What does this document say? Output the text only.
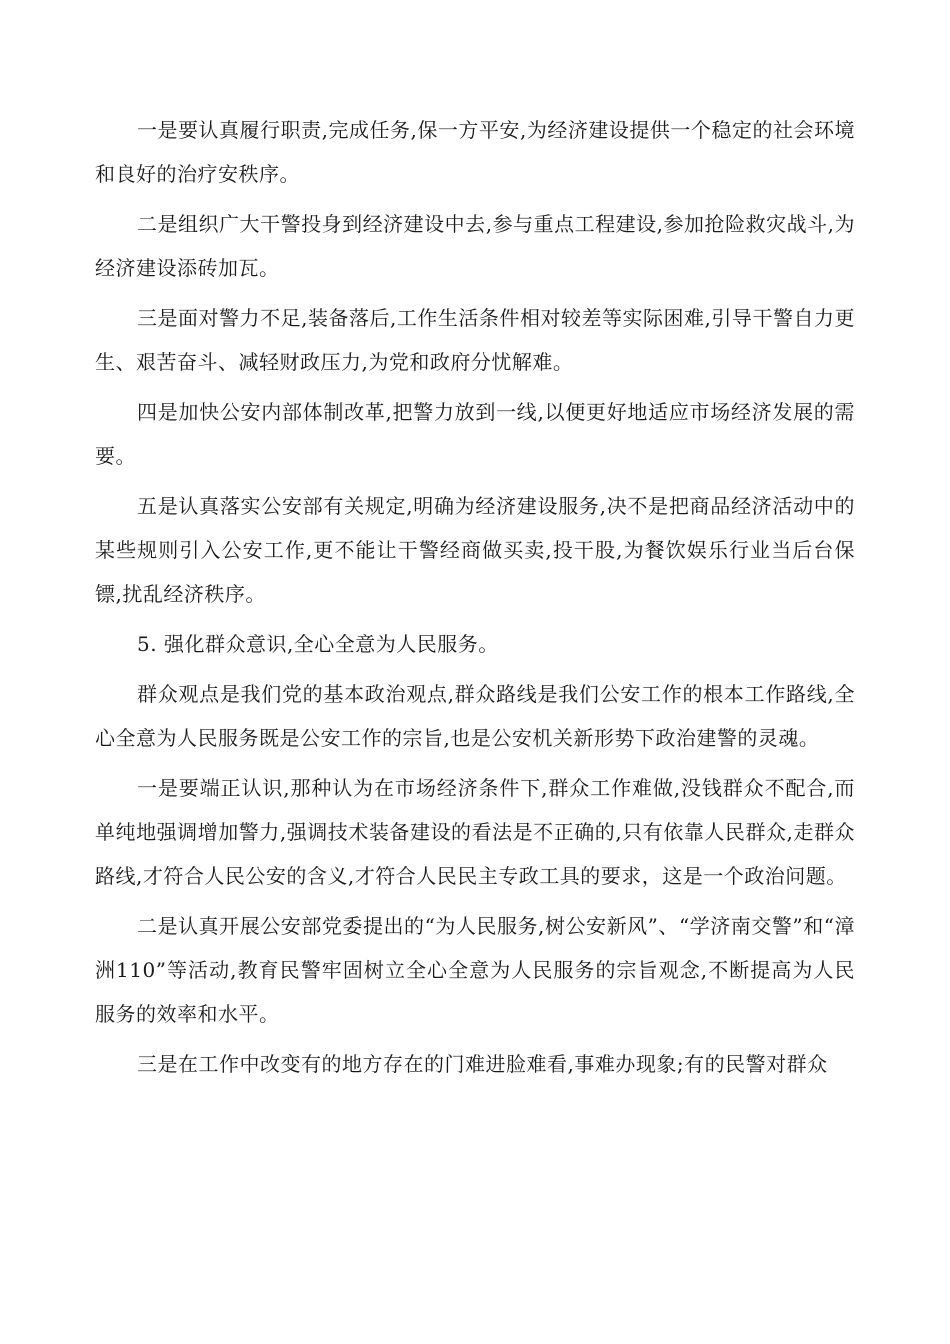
一是要认真履行职责,完成任务,保一方平安,为经济建设提供一个稳定的社会环境和良好的治疗安秩序。

二是组织广大干警投身到经济建设中去,参与重点工程建设,参加抢险救灾战斗,为经济建设添砖加瓦。

三是面对警力不足,装备落后,工作生活条件相对较差等实际困难,引导干警自力更生、艰苦奋斗、减轻财政压力,为党和政府分忧解难。

四是加快公安内部体制改革,把警力放到一线,以便更好地适应市场经济发展的需要。

五是认真落实公安部有关规定,明确为经济建设服务,决不是把商品经济活动中的某些规则引入公安工作,更不能让干警经商做买卖,投干股,为餐饮娱乐行业当后台保镖,扰乱经济秩序。

5. 强化群众意识,全心全意为人民服务。

群众观点是我们党的基本政治观点,群众路线是我们公安工作的根本工作路线,全心全意为人民服务既是公安工作的宗旨,也是公安机关新形势下政治建警的灵魂。

一是要端正认识,那种认为在市场经济条件下,群众工作难做,没钱群众不配合,而单纯地强调增加警力,强调技术装备建设的看法是不正确的,只有依靠人民群众,走群众路线,才符合人民公安的含义,才符合人民民主专政工具的要求，这是一个政治问题。

二是认真开展公安部党委提出的“为人民服务,树公安新风”、“学济南交警”和“漳洲110”等活动,教育民警牢固树立全心全意为人民服务的宗旨观念,不断提高为人民服务的效率和水平。

三是在工作中改变有的地方存在的门难进脸难看,事难办现象;有的民警对群众
